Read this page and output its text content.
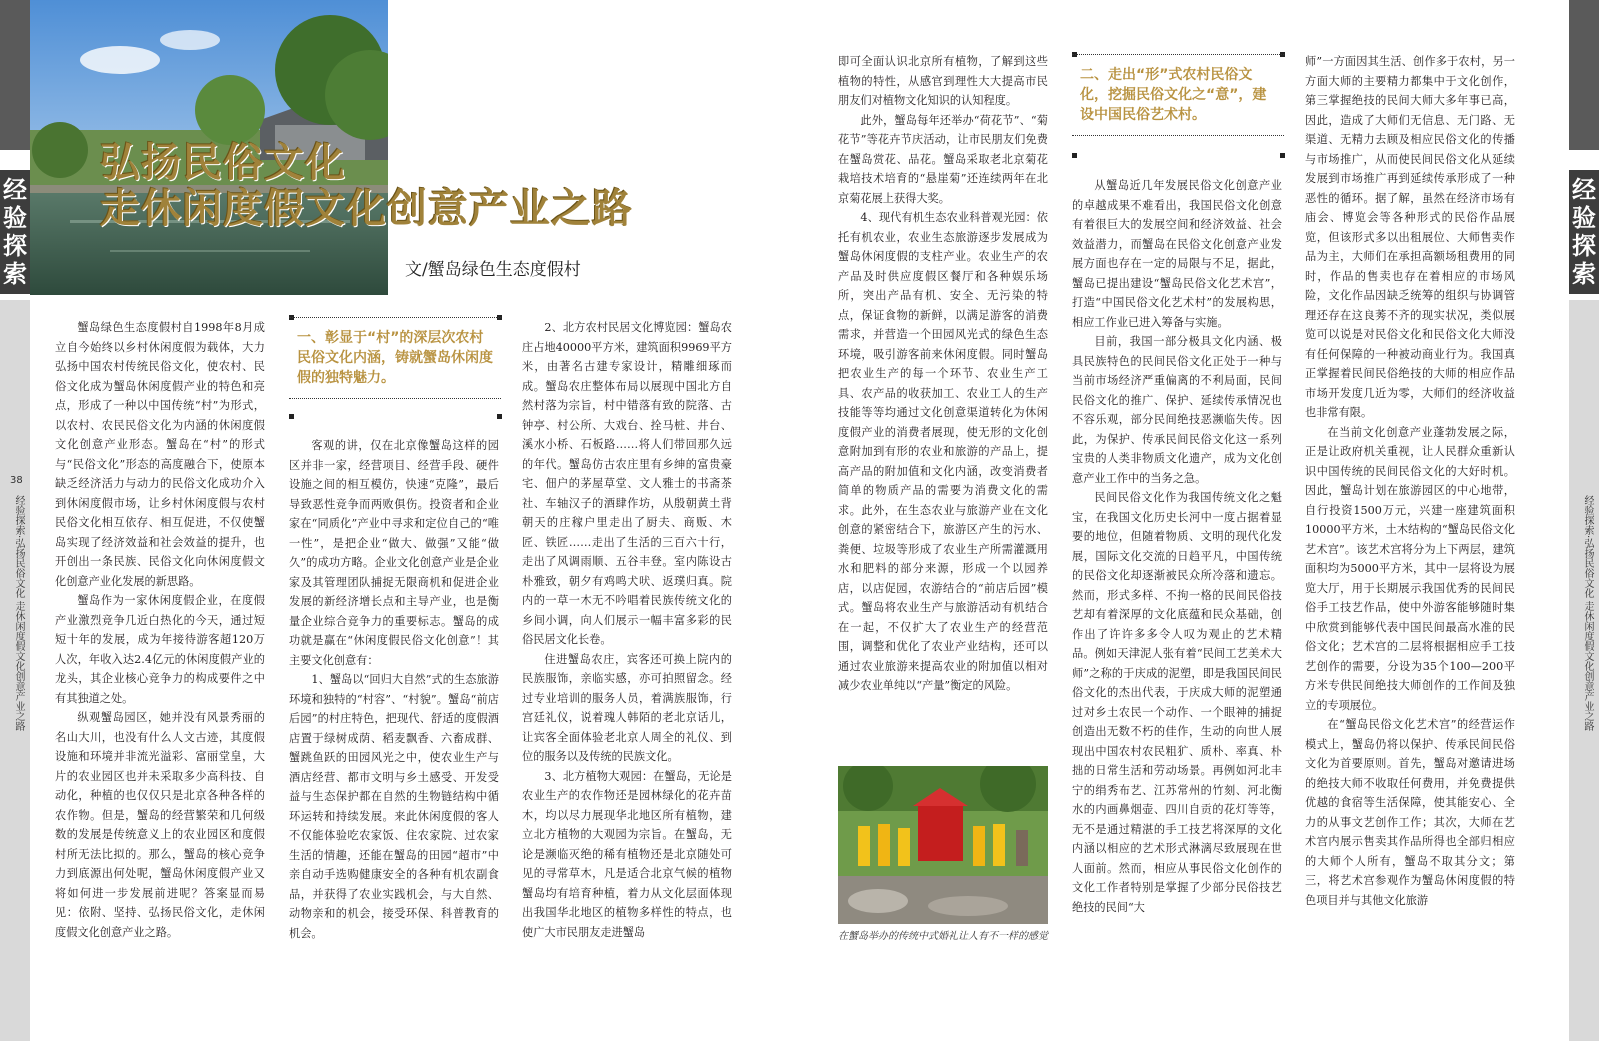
经验探索
经验探索·弘扬民俗文化 走休闲度假文化创意产业之路
38
弘扬民俗文化
走休闲度假文化创意产业之路
文/蟹岛绿色生态度假村

蟹岛绿色生态度假村自1998年8月成立自今始终以乡村休闲度假为载体，大力弘扬中国农村传统民俗文化，使农村、民俗文化成为蟹岛休闲度假产业的特色和亮点，形成了一种以中国传统“村”为形式，以农村、农民民俗文化为内涵的休闲度假文化创意产业形态。蟹岛在“村”的形式与“民俗文化”形态的高度融合下，使原本缺乏经济活力与动力的民俗文化成功介入到休闲度假市场，让乡村休闲度假与农村民俗文化相互依存、相互促进，不仅使蟹岛实现了经济效益和社会效益的提升，也开创出一条民族、民俗文化向休闲度假文化创意产业化发展的新思路。

蟹岛作为一家休闲度假企业，在度假产业激烈竞争几近白热化的今天，通过短短十年的发展，成为年接待游客超120万人次，年收入达2.4亿元的休闲度假产业的龙头，其企业核心竞争力的构成要件之中有其独道之处。

纵观蟹岛园区，她并没有风景秀丽的名山大川，也没有什么人文古迹，其度假设施和环境并非流光溢彩、富丽堂皇，大片的农业园区也并未采取多少高科技、自动化，种植的也仅仅只是北京各种各样的农作物。但是，蟹岛的经营繁荣和几何级数的发展是传统意义上的农业园区和度假村所无法比拟的。那么，蟹岛的核心竞争力到底源出何处呢，蟹岛休闲度假产业又将如何进一步发展前进呢？答案显而易见：依附、坚持、弘扬民俗文化，走休闲度假文化创意产业之路。

一、彰显于“村”的深层次农村民俗文化内涵，铸就蟹岛休闲度假的独特魅力。

客观的讲，仅在北京像蟹岛这样的园区并非一家，经营项目、经营手段、硬件设施之间的相互模仿，快速“克隆”，最后导致恶性竞争而两败俱伤。投资者和企业家在“同质化”产业中寻求和定位自己的“唯一性”，是把企业“做大、做强”又能“做久”的成功方略。企业文化创意产业是企业家及其管理团队捕捉无限商机和促进企业发展的新经济增长点和主导产业，也是衡量企业综合竞争力的重要标志。蟹岛的成功就是赢在“休闲度假民俗文化创意”！其主要文化创意有：

1、蟹岛以“回归大自然”式的生态旅游环境和独特的“村容”、“村貌”。蟹岛“前店后园”的村庄特色，把现代、舒适的度假酒店置于绿树成荫、稻麦飘香、六畜成群、蟹跳鱼跃的田园风光之中，使农业生产与酒店经营、都市文明与乡土感受、开发受益与生态保护都在自然的生物链结构中循环运转和持续发展。来此休闲度假的客人不仅能体验吃农家饭、住农家院、过农家生活的情趣，还能在蟹岛的田园“超市”中亲自动手选购健康安全的各种有机农副食品，并获得了农业实践机会，与大自然、动物亲和的机会，接受环保、科普教育的机会。

2、北方农村民居文化博览园：蟹岛农庄占地40000平方米，建筑面积9969平方米，由著名古建专家设计，精雕细琢而成。蟹岛农庄整体布局以展现中国北方自然村落为宗旨，村中错落有致的院落、古钟亭、村公所、大戏台、拴马桩、井台、溪水小桥、石板路……将人们带回那久远的年代。蟹岛仿古农庄里有乡绅的富贵豪宅、佃户的茅屋草堂、文人雅士的书斋茶社、车轴汉子的酒肆作坊，从殷朝黄土背朝天的庄稼户里走出了厨夫、商贩、木匠、铁匠……走出了生活的三百六十行，走出了风调雨顺、五谷丰登。室内陈设古朴雅致，朝夕有鸡鸣犬吠、返璞归真。院内的一草一木无不吟唱着民族传统文化的乡间小调，向人们展示一幅丰富多彩的民俗民居文化长卷。

住进蟹岛农庄，宾客还可换上院内的民族服饰，亲临实感，亦可拍照留念。经过专业培训的服务人员，着满族服饰，行宫廷礼仪，说着瑰人韩陌的老北京话儿，让宾客全面体验老北京人周全的礼仪、到位的服务以及传统的民族文化。

3、北方植物大观园：在蟹岛，无论是农业生产的农作物还是园林绿化的花卉苗木，均以尽力展现华北地区所有植物，建立北方植物的大观园为宗旨。在蟹岛，无论是濒临灭绝的稀有植物还是北京随处可见的寻常草木，凡是适合北京气候的植物蟹岛均有培育种植，着力从文化层面体现出我国华北地区的植物多样性的特点，也使广大市民朋友走进蟹岛

即可全面认识北京所有植物，了解到这些植物的特性，从感官到理性大大提高市民朋友们对植物文化知识的认知程度。

此外，蟹岛每年还举办“荷花节”、“菊花节”等花卉节庆活动，让市民朋友们免费在蟹岛赏花、品花。蟹岛采取老北京菊花栽培技术培育的“悬崖菊”还连续两年在北京菊花展上获得大奖。

4、现代有机生态农业科普观光园：依托有机农业，农业生态旅游逐步发展成为蟹岛休闲度假的支柱产业。农业生产的农产品及时供应度假区餐厅和各种娱乐场所，突出产品有机、安全、无污染的特点，保证食物的新鲜，以满足游客的消费需求，并营造一个田园风光式的绿色生态环境，吸引游客前来休闲度假。同时蟹岛把农业生产的每一个环节、农业生产工具、农产品的收获加工、农业工人的生产技能等等均通过文化创意渠道转化为休闲度假产业的消费者展现，使无形的文化创意附加到有形的农业和旅游的产品上，提高产品的附加值和文化内涵，改变消费者简单的物质产品的需要为消费文化的需求。此外，在生态农业与旅游产业在文化创意的紧密结合下，旅游区产生的污水、粪便、垃圾等形成了农业生产所需灌溉用水和肥料的部分来源，形成一个以园养店，以店促园，农游结合的“前店后园”模式。蟹岛将农业生产与旅游活动有机结合在一起，不仅扩大了农业生产的经营范围，调整和优化了农业产业结构，还可以通过农业旅游来提高农业的附加值以相对减少农业单纯以“产量”衡定的风险。

在蟹岛举办的传统中式婚礼让人有不一样的感觉
二、走出“形”式农村民俗文化，挖掘民俗文化之“意”，建设中国民俗艺术村。

从蟹岛近几年发展民俗文化创意产业的卓越成果不难看出，我国民俗文化创意有着很巨大的发展空间和经济效益、社会效益潜力，而蟹岛在民俗文化创意产业发展方面也存在一定的局限与不足，据此，蟹岛已提出建设“蟹岛民俗文化艺术宫”，打造“中国民俗文化艺术村”的发展构思，相应工作业已进入筹备与实施。

目前，我国一部分极具文化内涵、极具民族特色的民间民俗文化正处于一种与当前市场经济严重偏离的不利局面，民间民俗文化的推广、保护、延续传承情况也不容乐观，部分民间绝技恶濒临失传。因此，为保护、传承民间民俗文化这一系列宝贵的人类非物质文化遗产，成为文化创意产业工作中的当务之急。

民间民俗文化作为我国传统文化之魁宝，在我国文化历史长河中一度占据着显要的地位，但随着物质、文明的现代化发展，国际文化交流的日趋平凡，中国传统的民俗文化却逐渐被民众所冷落和遗忘。然而，形式多样、不拘一格的民间民俗技艺却有着深厚的文化底蕴和民众基础，创作出了许许多多令人叹为观止的艺术精品。例如天津泥人张有着“民间工艺美术大师”之称的于庆成的泥塑，即是我国民间民俗文化的杰出代表，于庆成大师的泥塑通过对乡土农民一个动作、一个眼神的捕捉创造出无数不朽的佳作，生动的向世人展现出中国农村农民粗犷、质朴、率真、朴拙的日常生活和劳动场景。再例如河北丰宁的绢秀布艺、江苏常州的竹刻、河北衡水的内画鼻烟壶、四川自贡的花灯等等，无不是通过精湛的手工技艺将深厚的文化内涵以相应的艺术形式淋漓尽致展现在世人面前。然而，相应从事民俗文化创作的文化工作者特别是掌握了少部分民俗技艺绝技的民间“大

师”一方面因其生活、创作多于农村，另一方面大师的主要精力都集中于文化创作，第三掌握绝技的民间大师大多年事已高，因此，造成了大师们无信息、无门路、无渠道、无精力去顾及相应民俗文化的传播与市场推广，从而使民间民俗文化从延续发展到市场推广再到延续传承形成了一种恶性的循环。据了解，虽然在经济市场有庙会、博览会等各种形式的民俗作品展览，但该形式多以出租展位、大师售卖作品为主，大师们在承担高额场租费用的同时，作品的售卖也存在着相应的市场风险，文化作品因缺乏统筹的组织与协调管理还存在这良莠不齐的现实状况，类似展览可以说是对民俗文化和民俗文化大师没有任何保障的一种被动商业行为。我国真正掌握着民间民俗绝技的大师的相应作品市场开发度几近为零，大师们的经济收益也非常有限。

在当前文化创意产业蓬勃发展之际，正是让政府机关重视，让人民群众重新认识中国传统的民间民俗文化的大好时机。因此，蟹岛计划在旅游园区的中心地带，自行投资1500万元，兴建一座建筑面积10000平方米，土木结构的“蟹岛民俗文化艺术宫”。该艺术宫将分为上下两层，建筑面积均为5000平方米，其中一层将设为展览大厅，用于长期展示我国优秀的民间民俗手工技艺作品，使中外游客能够随时集中欣赏到能够代表中国民间最高水准的民俗文化；艺术宫的二层将根据相应手工技艺创作的需要，分设为35个100—200平方米专供民间绝技大师创作的工作间及独立的专项展位。

在“蟹岛民俗文化艺术宫”的经营运作模式上，蟹岛仍将以保护、传承民间民俗文化为首要原则。首先，蟹岛对邀请进场的绝技大师不收取任何费用，并免费提供优越的食宿等生活保障，使其能安心、全力的从事文艺创作工作；其次，大师在艺术宫内展示售卖其作品所得也全部归相应的大师个人所有，蟹岛不取其分文；第三，将艺术宫参观作为蟹岛休闲度假的特色项目并与其他文化旅游

经验探索
经验探索·弘扬民俗文化 走休闲度假文化创意产业之路
